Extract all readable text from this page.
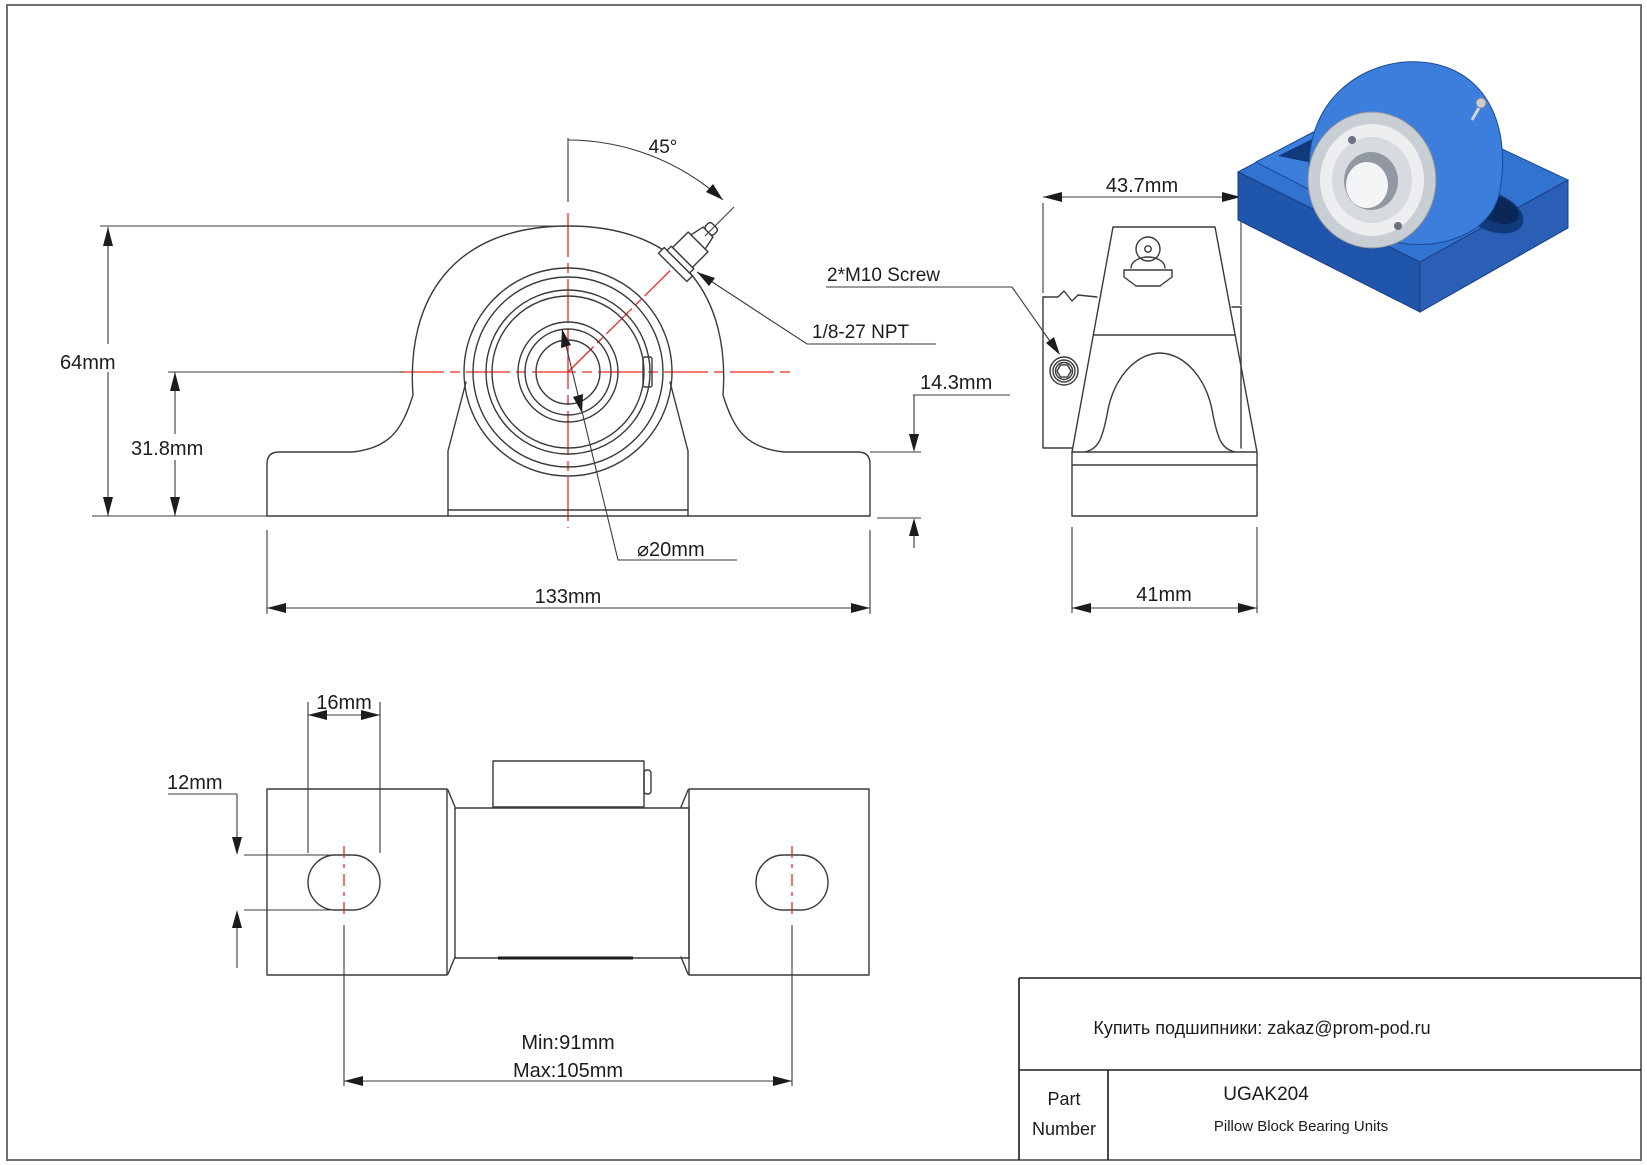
64mm
31.8mm
133mm
45°
⌀20mm
1/8-27 NPT
14.3mm
43.7mm
2*M10 Screw
41mm
16mm
12mm
Min:91mm
Max:105mm
Купить подшипники: zakaz@prom-pod.ru
Part
Number
UGAK204
Pillow Block Bearing Units
